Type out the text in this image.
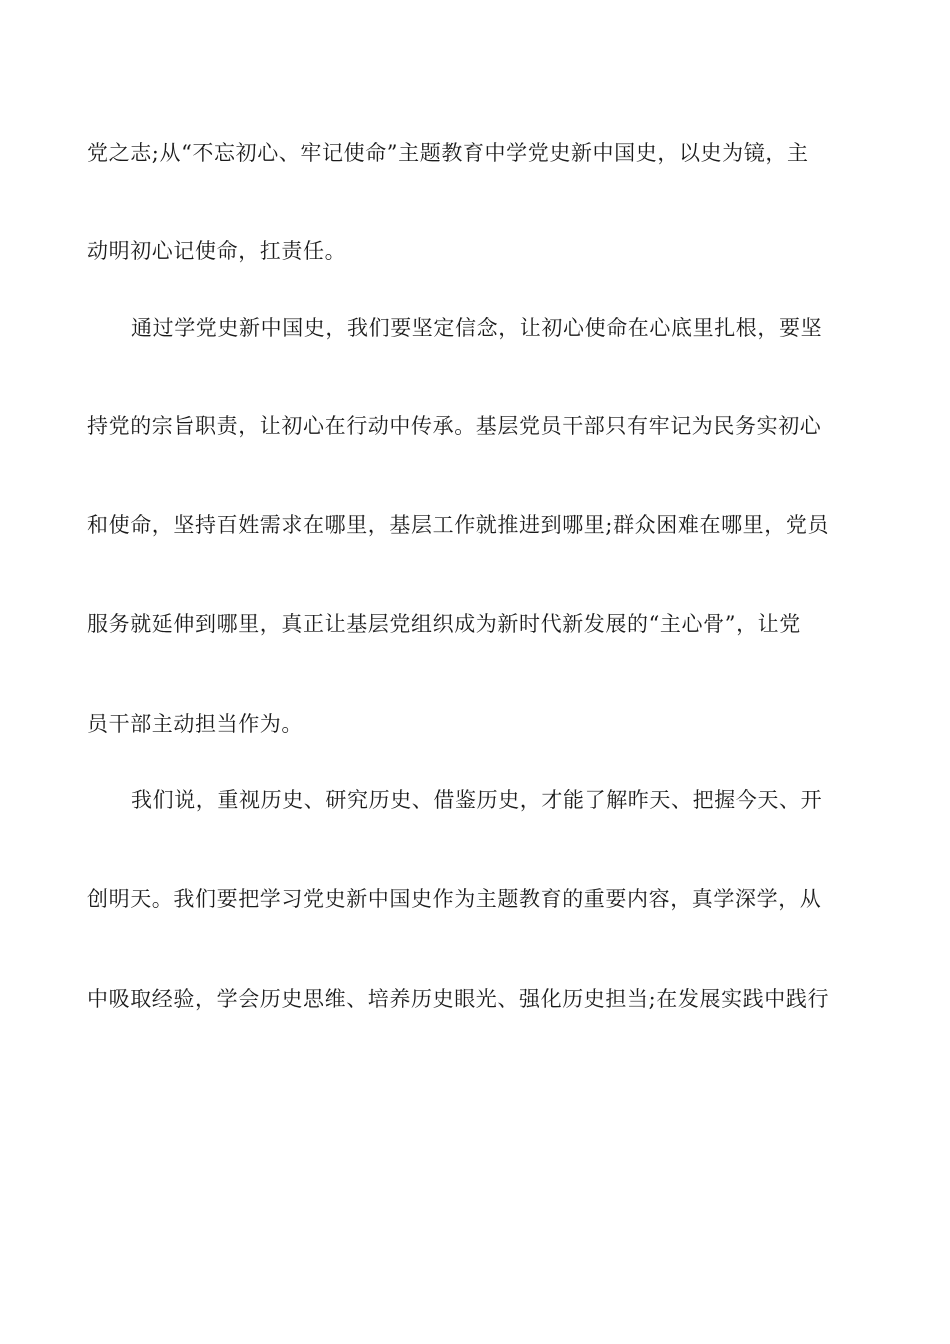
党之志;从“不忘初心、牢记使命”主题教育中学党史新中国史，以史为镜，主
动明初心记使命，扛责任。
通过学党史新中国史，我们要坚定信念，让初心使命在心底里扎根，要坚
持党的宗旨职责，让初心在行动中传承。基层党员干部只有牢记为民务实初心
和使命，坚持百姓需求在哪里，基层工作就推进到哪里;群众困难在哪里，党员
服务就延伸到哪里，真正让基层党组织成为新时代新发展的“主心骨”，让党
员干部主动担当作为。
我们说，重视历史、研究历史、借鉴历史，才能了解昨天、把握今天、开
创明天。我们要把学习党史新中国史作为主题教育的重要内容，真学深学，从
中吸取经验，学会历史思维、培养历史眼光、强化历史担当;在发展实践中践行
